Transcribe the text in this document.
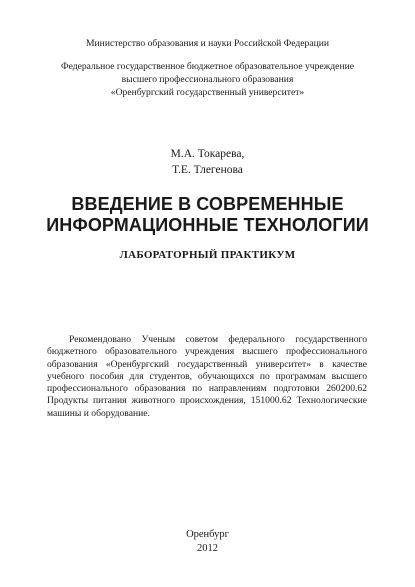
Министерство образования и науки Российской Федерации

Федеральное государственное бюджетное образовательное учреждение
высшего профессионального образования
«Оренбургский государственный университет»

М.А. Токарева,
Т.Е. Тлегенова

ВВЕДЕНИЕ В СОВРЕМЕННЫЕ
ИНФОРМАЦИОННЫЕ ТЕХНОЛОГИИ

ЛАБОРАТОРНЫЙ ПРАКТИКУМ

Рекомендовано Ученым советом федерального государственного бюджетного образовательного учреждения высшего профессионального образования «Оренбургский государственный университет» в качестве учебного пособия для студентов, обучающихся по программам высшего профессионального образования по направлениям подготовки 260200.62 Продукты питания животного происхождения, 151000.62 Технологические машины и оборудование.

Оренбург

2012
